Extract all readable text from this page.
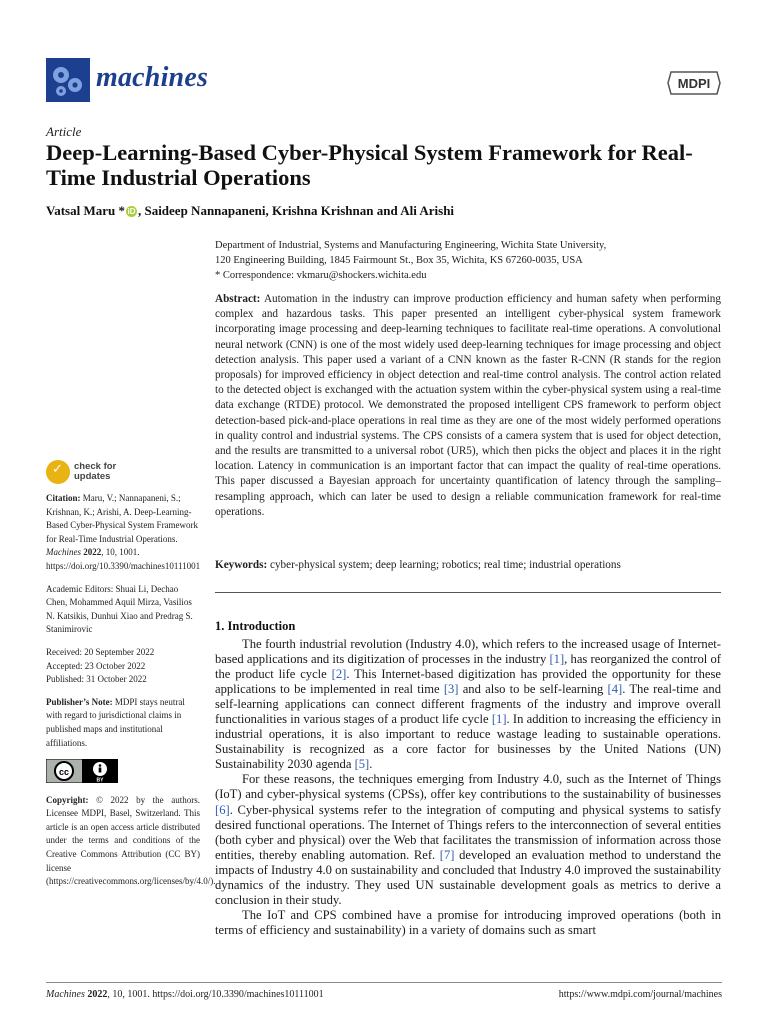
machines	MDPI
Article
Deep-Learning-Based Cyber-Physical System Framework for Real-Time Industrial Operations
Vatsal Maru * iD , Saideep Nannapaneni, Krishna Krishnan and Ali Arishi
Department of Industrial, Systems and Manufacturing Engineering, Wichita State University,
120 Engineering Building, 1845 Fairmount St., Box 35, Wichita, KS 67260-0035, USA
* Correspondence: vkmaru@shockers.wichita.edu
Abstract: Automation in the industry can improve production efficiency and human safety when performing complex and hazardous tasks. This paper presented an intelligent cyber-physical system framework incorporating image processing and deep-learning techniques to facilitate real-time operations. A convolutional neural network (CNN) is one of the most widely used deep-learning techniques for image processing and object detection analysis. This paper used a variant of a CNN known as the faster R-CNN (R stands for the region proposals) for improved efficiency in object detection and real-time control analysis. The control action related to the detected object is exchanged with the actuation system within the cyber-physical system using a real-time data exchange (RTDE) protocol. We demonstrated the proposed intelligent CPS framework to perform object detection-based pick-and-place operations in real time as they are one of the most widely performed operations in quality control and industrial systems. The CPS consists of a camera system that is used for object detection, and the results are transmitted to a universal robot (UR5), which then picks the object and places it in the right location. Latency in communication is an important factor that can impact the quality of real-time operations. This paper discussed a Bayesian approach for uncertainty quantification of latency through the sampling–resampling approach, which can later be used to design a reliable communication framework for real-time operations.
Keywords: cyber-physical system; deep learning; robotics; real time; industrial operations
1. Introduction

The fourth industrial revolution (Industry 4.0), which refers to the increased usage of Internet-based applications and its digitization of processes in the industry [1], has reorganized the control of the product life cycle [2]. This Internet-based digitization has provided the opportunity for these applications to be implemented in real time [3] and also to be self-learning [4]. The real-time and self-learning applications can connect different fragments of the industry and improve overall functionalities in various stages of a product life cycle [1]. In addition to increasing the efficiency in industrial operations, it is also important to reduce wastage leading to sustainable operations. Sustainability is recognized as a core factor for businesses by the United Nations (UN) Sustainability 2030 agenda [5].

For these reasons, the techniques emerging from Industry 4.0, such as the Internet of Things (IoT) and cyber-physical systems (CPSs), offer key contributions to the sustainability of businesses [6]. Cyber-physical systems refer to the integration of computing and physical systems to satisfy desired functional operations. The Internet of Things refers to the interconnection of several entities (both cyber and physical) over the Web that facilitates the transmission of information across those entities, thereby enabling automation. Ref. [7] developed an evaluation method to understand the impacts of Industry 4.0 on sustainability and concluded that Industry 4.0 improved the sustainability dynamics of the industry. They used UN sustainable development goals as metrics to derive a conclusion in their study.

The IoT and CPS combined have a promise for introducing improved operations (both in terms of efficiency and sustainability) in a variety of domains such as smart

✓ check for
updates
Citation: Maru, V.; Nannapaneni, S.; Krishnan, K.; Arishi, A. Deep-Learning-Based Cyber-Physical System Framework for Real-Time Industrial Operations. Machines 2022, 10, 1001. https://doi.org/10.3390/machines10111001
Academic Editors: Shuai Li, Dechao Chen, Mohammed Aquil Mirza, Vasilios N. Katsikis, Dunhui Xiao and Predrag S. Stanimirovic
Received: 20 September 2022
Accepted: 23 October 2022
Published: 31 October 2022
Publisher’s Note: MDPI stays neutral with regard to jurisdictional claims in published maps and institutional affiliations.
cc
BY
Copyright: © 2022 by the authors. Licensee MDPI, Basel, Switzerland. This article is an open access article distributed under the terms and conditions of the Creative Commons Attribution (CC BY) license (https://creativecommons.org/licenses/by/4.0/).
Machines 2022, 10, 1001. https://doi.org/10.3390/machines10111001	https://www.mdpi.com/journal/machines
